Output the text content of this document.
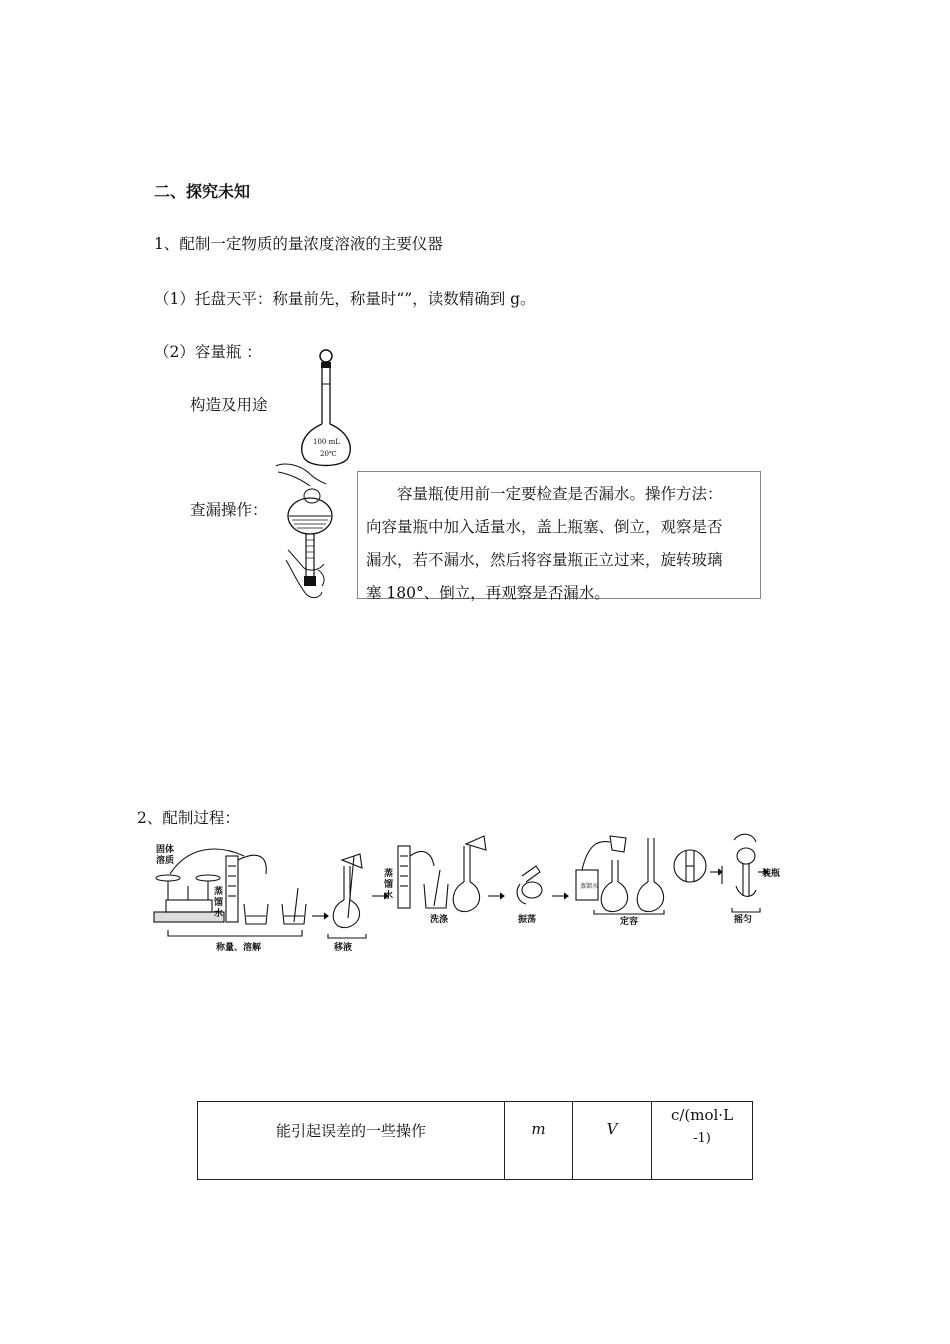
二、探究未知
1、配制一定物质的量浓度溶液的主要仪器
（1）托盘天平：称量前先，称量时“”，读数精确到 g。
（2）容量瓶 ：
构造及用途
查漏操作：
100 mL
20℃

　　容量瓶使用前一定要检查是否漏水。操作方法：

向容量瓶中加入适量水，盖上瓶塞、倒立，观察是否

漏水，若不漏水，然后将容量瓶正立过来，旋转玻璃

塞 180°、倒立，再观察是否漏水。

2、配制过程：
固体
溶质
蒸
馏
水
蒸
馏
水
蒸馏水
称量、溶解	移液
洗涤	振荡	定容	摇匀
装瓶
能引起误差的一些操作	m	V	c/(mol·L
-1)
